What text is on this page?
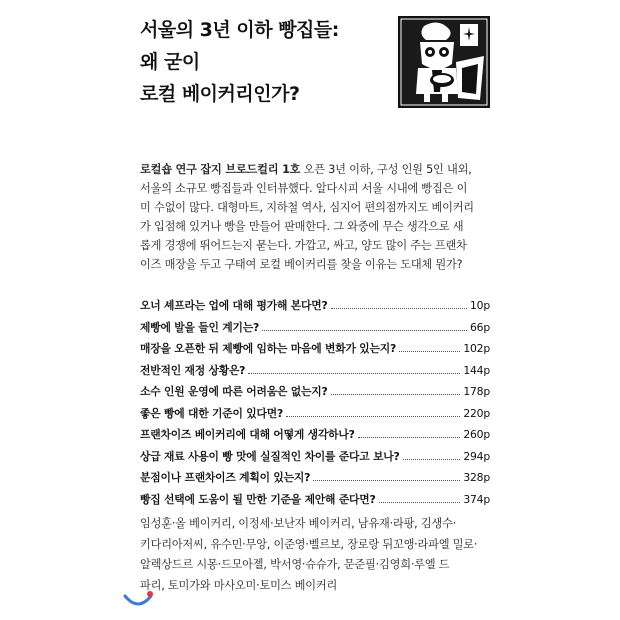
서울의 3년 이하 빵집들:
왜 굳이
로컬 베이커리인가?
로컬숍 연구 잡지 브로드컬리 1호 오픈 3년 이하, 구성 인원 5인 내외,
서울의 소규모 빵집들과 인터뷰했다. 알다시피 서울 시내에 빵집은 이
미 수없이 많다. 대형마트, 지하철 역사, 심지어 편의점까지도 베이커리
가 입점해 있거나 빵을 만들어 판매한다. 그 와중에 무슨 생각으로 새
롭게 경쟁에 뛰어드는지 묻는다. 가깝고, 싸고, 양도 많이 주는 프랜차
이즈 매장을 두고 구태여 로컬 베이커리를 찾을 이유는 도대체 뭔가?
오너 셰프라는 업에 대해 평가해 본다면?	10p
제빵에 발을 들인 계기는?	66p
매장을 오픈한 뒤 제빵에 임하는 마음에 변화가 있는지?	102p
전반적인 재정 상황은?	144p
소수 인원 운영에 따른 어려움은 없는지?	178p
좋은 빵에 대한 기준이 있다면?	220p
프랜차이즈 베이커리에 대해 어떻게 생각하나?	260p
상급 재료 사용이 빵 맛에 실질적인 차이를 준다고 보나?	294p
분점이나 프랜차이즈 계획이 있는지?	328p
빵집 선택에 도움이 될 만한 기준을 제안해 준다면?	374p
임성훈·올 베이커리, 이정세·보난자 베이커리, 남유재·라팡, 김생수·
키다리아저씨, 유수민·무앙, 이준영·벨르보, 장로랑 뒤꼬앵·라파엘 밀로·
알렉상드르 시몽·드모아젤, 박서영·슈슈가, 문준필·김영희·루엘 드
파리, 토미가와 마사오미·토미스 베이커리
